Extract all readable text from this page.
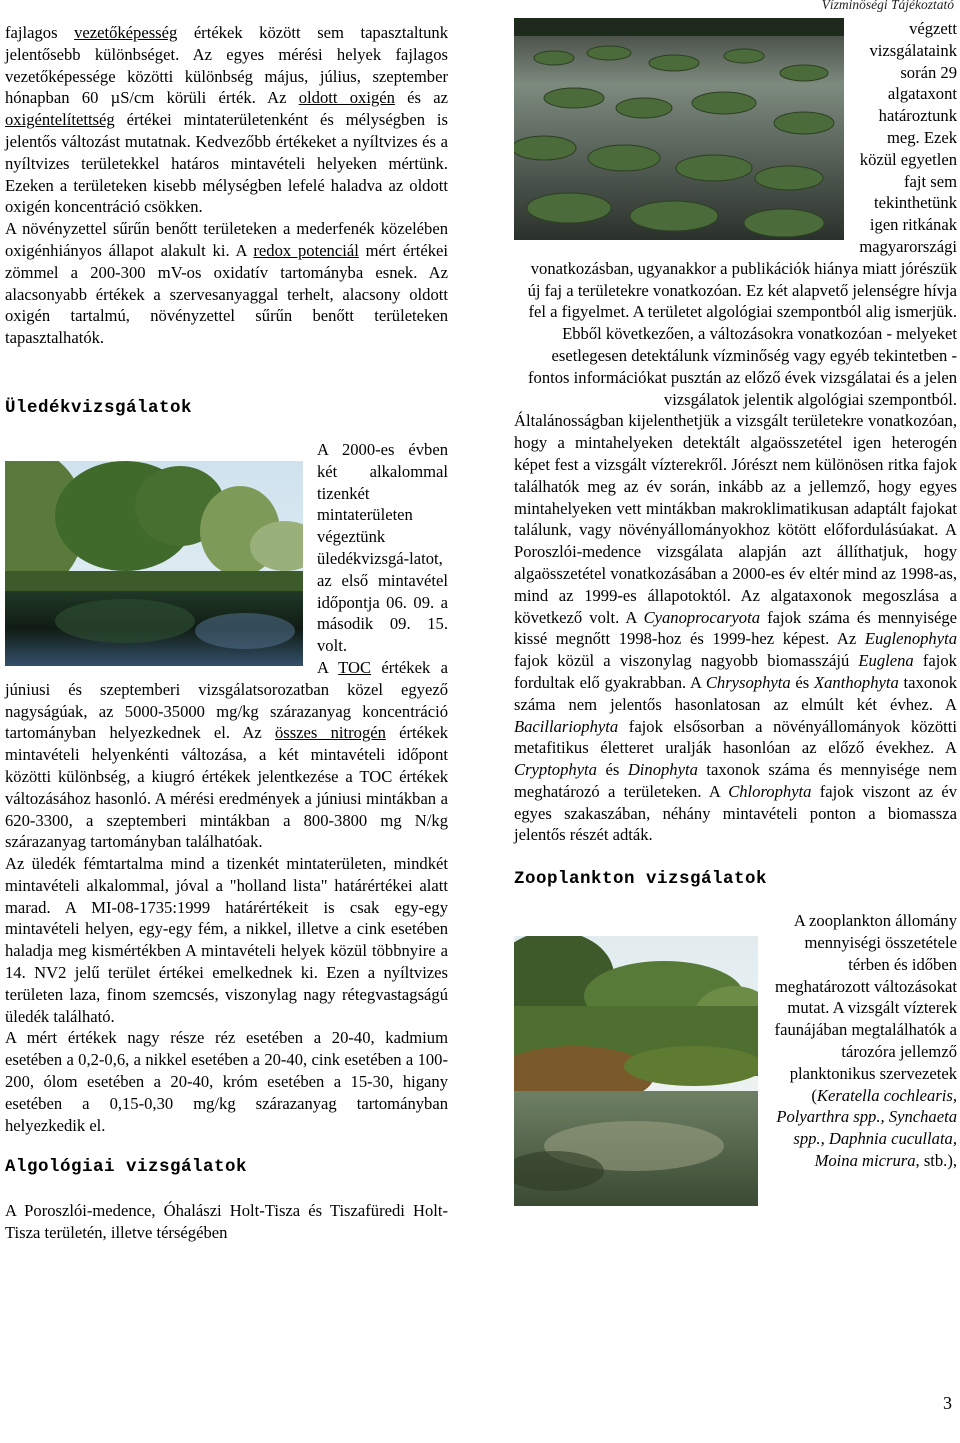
Vízminőségi Tájékoztató

fajlagos vezetőképesség értékek között sem tapasztaltunk jelentősebb különbséget. Az egyes mérési helyek fajlagos vezetőképessége közötti különbség május, július, szeptember hónapban 60 µS/cm körüli érték. Az oldott oxigén és az oxigéntelítettség értékei mintaterületenként és mélységben is jelentős változást mutatnak. Kedvezőbb értékeket a nyíltvizes és a nyíltvizes területekkel határos mintavételi helyeken mértünk. Ezeken a területeken kisebb mélységben lefelé haladva az oldott oxigén koncentráció csökken.

A növényzettel sűrűn benőtt területeken a mederfenék közelében oxigénhiányos állapot alakult ki. A redox potenciál mért értékei zömmel a 200-300 mV-os oxidatív tartományba esnek. Az alacsonyabb értékek a szervesanyaggal terhelt, alacsony oldott oxigén tartalmú, növényzettel sűrűn benőtt területeken tapasztalhatók.

Üledékvizsgálatok

A 2000-es évben két alkalommal tizenkét mintaterületen végeztünk üledékvizsgá-latot, az első mintavétel időpontja 06. 09. a második 09. 15. volt.

A TOC értékek a júniusi és szeptemberi vizsgálatsorozatban közel egyező nagyságúak, az 5000-35000 mg/kg szárazanyag koncentráció tartományban helyezkednek el. Az összes nitrogén értékek mintavételi helyenkénti változása, a két mintavételi időpont közötti különbség, a kiugró értékek jelentkezése a TOC értékek változásához hasonló. A mérési eredmények a júniusi mintákban a 620-3300, a szeptemberi mintákban a 800-3800 mg N/kg szárazanyag tartományban találhatóak.

Az üledék fémtartalma mind a tizenkét mintaterületen, mindkét mintavételi alkalommal, jóval a "holland lista" határértékei alatt marad. A MI-08-1735:1999 határértékeit is csak egy-egy mintavételi helyen, egy-egy fém, a nikkel, illetve a cink esetében haladja meg kismértékben A mintavételi helyek közül többnyire a 14. NV2 jelű terület értékei emelkednek ki. Ezen a nyíltvizes területen laza, finom szemcsés, viszonylag nagy rétegvastagságú üledék található.

A mért értékek nagy része réz esetében a 20-40, kadmium esetében a 0,2-0,6, a nikkel esetében a 20-40, cink esetében a 100-200, ólom esetében a 20-40, króm esetében a 15-30, higany esetében a 0,15-0,30 mg/kg szárazanyag tartományban helyezkedik el.

Algológiai vizsgálatok

A Poroszlói-medence, Óhalászi Holt-Tisza és Tiszafüredi Holt-Tisza területén, illetve térségében

végzett vizsgálataink során 29 algataxont határoztunk meg. Ezek közül egyetlen fajt sem tekinthetünk igen ritkának magyarországi vonatkozásban, ugyanakkor a publikációk hiánya miatt jórészük új faj a területekre vonatkozóan. Ez két alapvető jelenségre hívja fel a figyelmet. A területet algológiai szempontból alig ismerjük. Ebből következően, a változásokra vonatkozóan - melyeket esetlegesen detektálunk vízminőség vagy egyéb tekintetben - fontos információkat pusztán az előző évek vizsgálatai és a jelen vizsgálatok jelentik algológiai szempontból.

Általánosságban kijelenthetjük a vizsgált területekre vonatkozóan, hogy a mintahelyeken detektált algaösszetétel igen heterogén képet fest a vizsgált vízterekről. Jórészt nem különösen ritka fajok találhatók meg az év során, inkább az a jellemző, hogy egyes mintahelyeken vett mintákban makroklimatikusan adaptált fajokat találunk, vagy növényállományokhoz kötött előfordulásúakat. A Poroszlói-medence vizsgálata alapján azt állíthatjuk, hogy algaösszetétel vonatkozásában a 2000-es év eltér mind az 1998-as, mind az 1999-es állapotoktól. Az algataxonok megoszlása a következő volt. A Cyanoprocaryota fajok száma és mennyisége kissé megnőtt 1998-hoz és 1999-hez képest. Az Euglenophyta fajok közül a viszonylag nagyobb biomasszájú Euglena fajok fordultak elő gyakrabban. A Chrysophyta és Xanthophyta taxonok száma nem jelentős hasonlatosan az elmúlt két évhez. A Bacillariophyta fajok elsősorban a növényállományok közötti metafitikus életteret uralják hasonlóan az előző évekhez. A Cryptophyta és Dinophyta taxonok száma és mennyisége nem meghatározó a területeken. A Chlorophyta fajok viszont az év egyes szakaszában, néhány mintavételi ponton a biomassza jelentős részét adták.

Zooplankton vizsgálatok

A zooplankton állomány mennyiségi összetétele térben és időben meghatározott változásokat mutat. A vizsgált vízterek faunájában megtalálhatók a tározóra jellemző planktonikus szervezetek (Keratella cochlearis, Polyarthra spp., Synchaeta spp., Daphnia cucullata, Moina micrura, stb.),

3
